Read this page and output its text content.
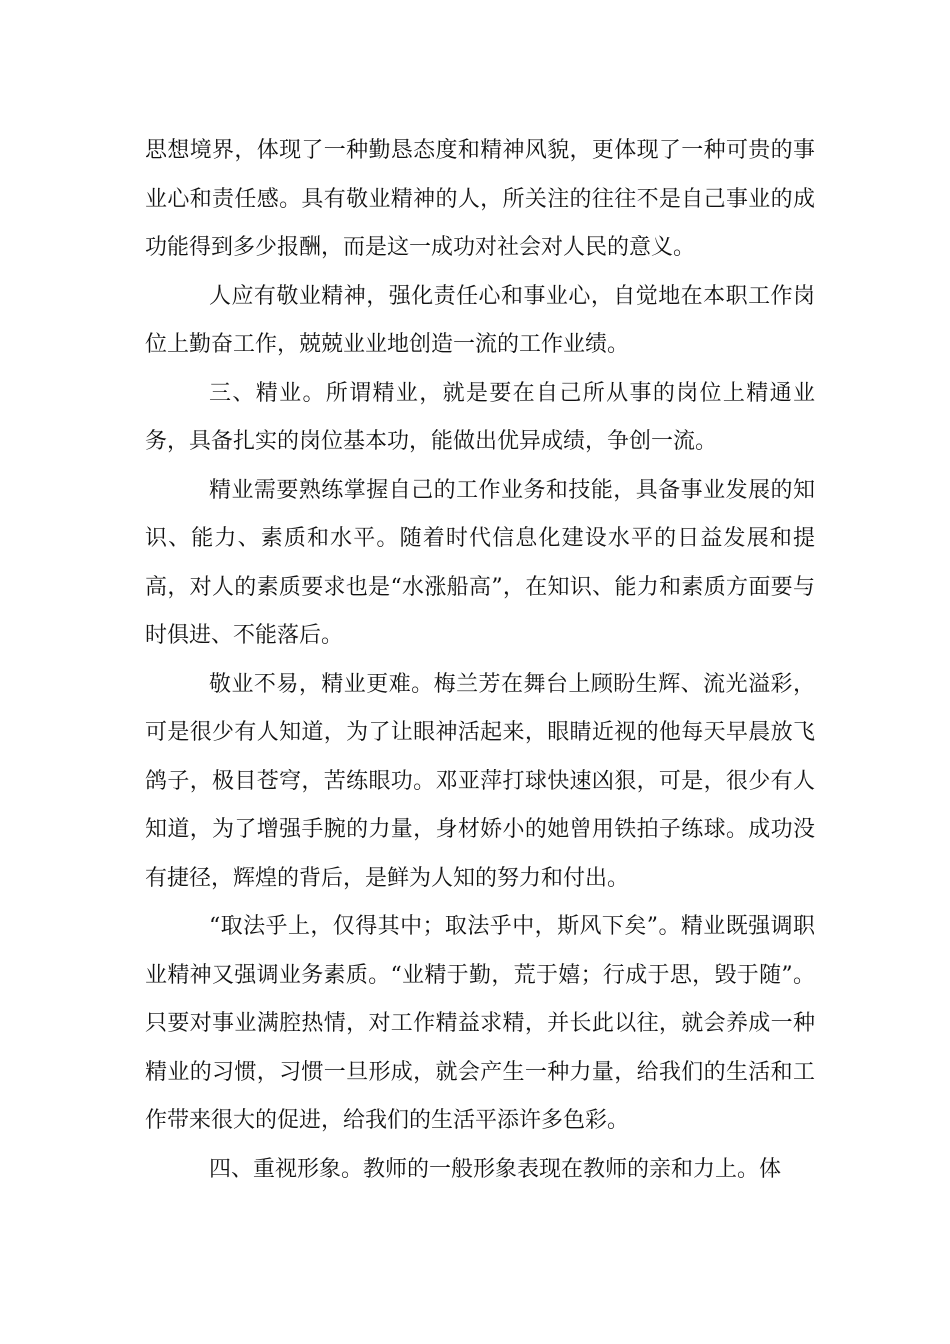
思想境界，体现了一种勤恳态度和精神风貌，更体现了一种可贵的事业心和责任感。具有敬业精神的人，所关注的往往不是自己事业的成功能得到多少报酬，而是这一成功对社会对人民的意义。

人应有敬业精神，强化责任心和事业心，自觉地在本职工作岗位上勤奋工作，兢兢业业地创造一流的工作业绩。

三、精业。所谓精业，就是要在自己所从事的岗位上精通业务，具备扎实的岗位基本功，能做出优异成绩，争创一流。

精业需要熟练掌握自己的工作业务和技能，具备事业发展的知识、能力、素质和水平。随着时代信息化建设水平的日益发展和提高，对人的素质要求也是“水涨船高”，在知识、能力和素质方面要与时俱进、不能落后。

敬业不易，精业更难。梅兰芳在舞台上顾盼生辉、流光溢彩，可是很少有人知道，为了让眼神活起来，眼睛近视的他每天早晨放飞鸽子，极目苍穹，苦练眼功。邓亚萍打球快速凶狠，可是，很少有人知道，为了增强手腕的力量，身材娇小的她曾用铁拍子练球。成功没有捷径，辉煌的背后，是鲜为人知的努力和付出。

“取法乎上，仅得其中；取法乎中，斯风下矣”。精业既强调职业精神又强调业务素质。“业精于勤，荒于嬉；行成于思，毁于随”。只要对事业满腔热情，对工作精益求精，并长此以往，就会养成一种精业的习惯，习惯一旦形成，就会产生一种力量，给我们的生活和工作带来很大的促进，给我们的生活平添许多色彩。

四、重视形象。教师的一般形象表现在教师的亲和力上。体
